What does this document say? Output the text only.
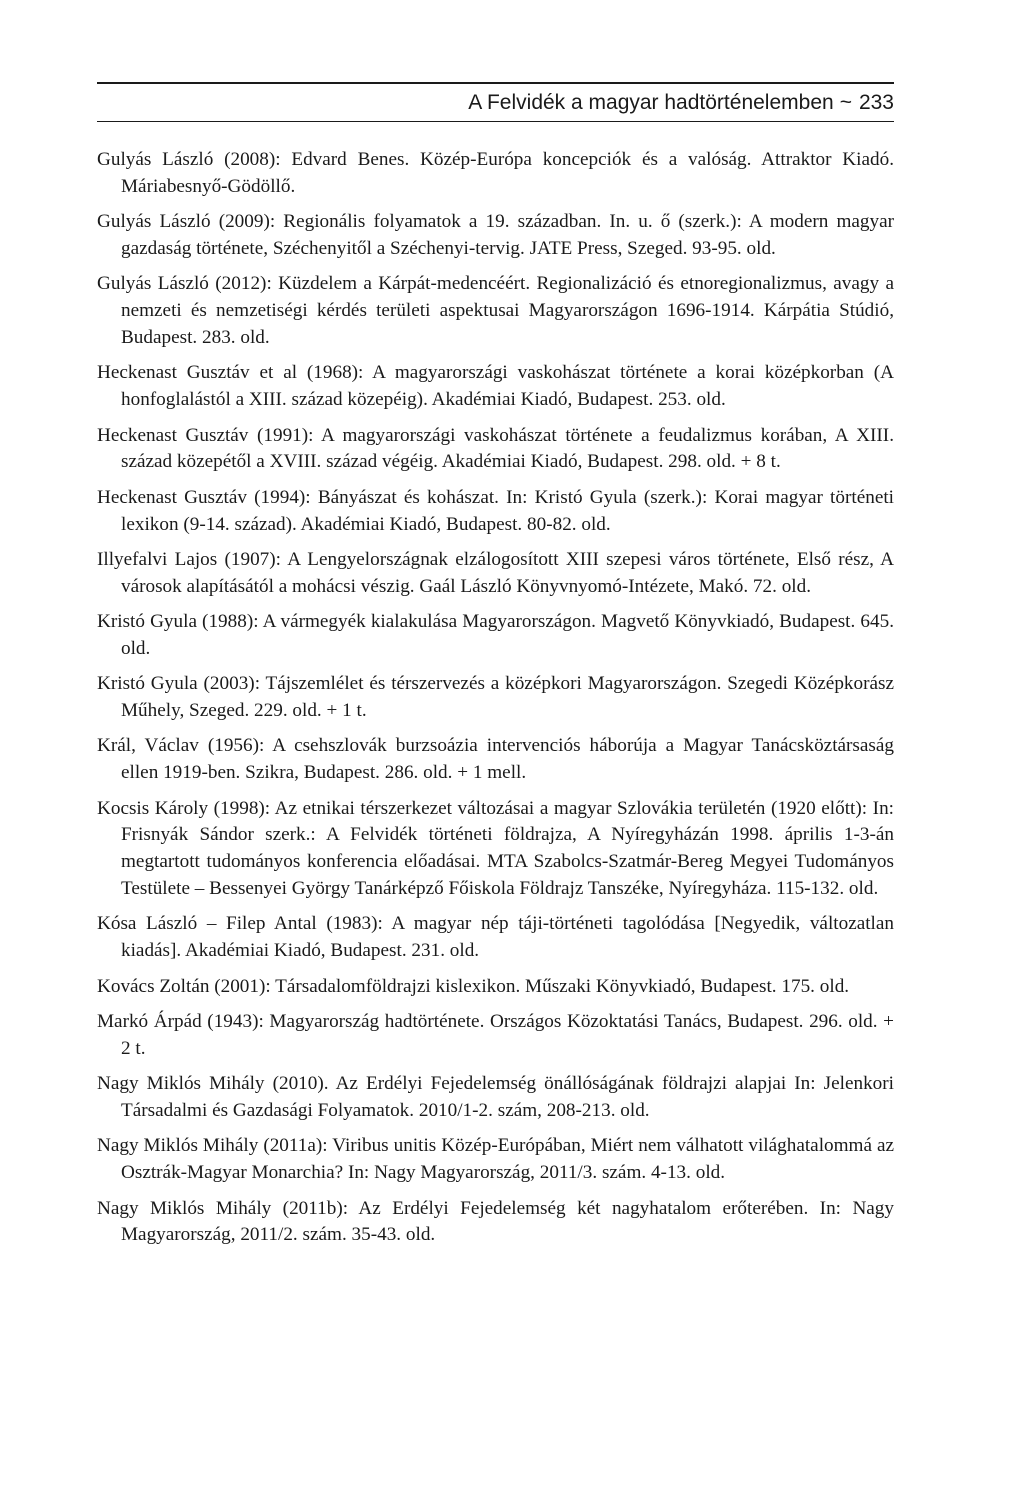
A Felvidék a magyar hadtörténelemben ~ 233
Gulyás László (2008): Edvard Benes. Közép-Európa koncepciók és a valóság. Attraktor Kiadó. Máriabesnyő-Gödöllő.
Gulyás László (2009): Regionális folyamatok a 19. században. In. u. ő (szerk.): A modern magyar gazdaság története, Széchenyitől a Széchenyi-tervig. JATE Press, Szeged. 93-95. old.
Gulyás László (2012): Küzdelem a Kárpát-medencéért. Regionalizáció és etnoregionalizmus, avagy a nemzeti és nemzetiségi kérdés területi aspektusai Magyarországon 1696-1914. Kárpátia Stúdió, Budapest. 283. old.
Heckenast Gusztáv et al (1968): A magyarországi vaskohászat története a korai középkorban (A honfoglalástól a XIII. század közepéig). Akadémiai Kiadó, Budapest. 253. old.
Heckenast Gusztáv (1991): A magyarországi vaskohászat története a feudalizmus korában, A XIII. század közepétől a XVIII. század végéig. Akadémiai Kiadó, Budapest. 298. old. + 8 t.
Heckenast Gusztáv (1994): Bányászat és kohászat. In: Kristó Gyula (szerk.): Korai magyar történeti lexikon (9-14. század). Akadémiai Kiadó, Budapest. 80-82. old.
Illyefalvi Lajos (1907): A Lengyelországnak elzálogosított XIII szepesi város története, Első rész, A városok alapításától a mohácsi vészig. Gaál László Könyvnyomó-Intézete, Makó. 72. old.
Kristó Gyula (1988): A vármegyék kialakulása Magyarországon. Magvető Könyvkiadó, Budapest. 645. old.
Kristó Gyula (2003): Tájszemlélet és térszervezés a középkori Magyarországon. Szegedi Középkorász Műhely, Szeged. 229. old. + 1 t.
Král, Václav (1956): A csehszlovák burzsoázia intervenciós háborúja a Magyar Tanácsköztársaság ellen 1919-ben. Szikra, Budapest. 286. old. + 1 mell.
Kocsis Károly (1998): Az etnikai térszerkezet változásai a magyar Szlovákia területén (1920 előtt): In: Frisnyák Sándor szerk.: A Felvidék történeti földrajza, A Nyíregyházán 1998. április 1-3-án megtartott tudományos konferencia előadásai. MTA Szabolcs-Szatmár-Bereg Megyei Tudományos Testülete – Bessenyei György Tanárképző Főiskola Földrajz Tanszéke, Nyíregyháza. 115-132. old.
Kósa László – Filep Antal (1983): A magyar nép táji-történeti tagolódása [Negyedik, változatlan kiadás]. Akadémiai Kiadó, Budapest. 231. old.
Kovács Zoltán (2001): Társadalomföldrajzi kislexikon. Műszaki Könyvkiadó, Budapest. 175. old.
Markó Árpád (1943): Magyarország hadtörténete. Országos Közoktatási Tanács, Budapest. 296. old. + 2 t.
Nagy Miklós Mihály (2010). Az Erdélyi Fejedelemség önállóságának földrajzi alapjai In: Jelenkori Társadalmi és Gazdasági Folyamatok. 2010/1-2. szám, 208-213. old.
Nagy Miklós Mihály (2011a): Viribus unitis Közép-Európában, Miért nem válhatott világhatalommá az Osztrák-Magyar Monarchia? In: Nagy Magyarország, 2011/3. szám. 4-13. old.
Nagy Miklós Mihály (2011b): Az Erdélyi Fejedelemség két nagyhatalom erőterében. In: Nagy Magyarország, 2011/2. szám. 35-43. old.
